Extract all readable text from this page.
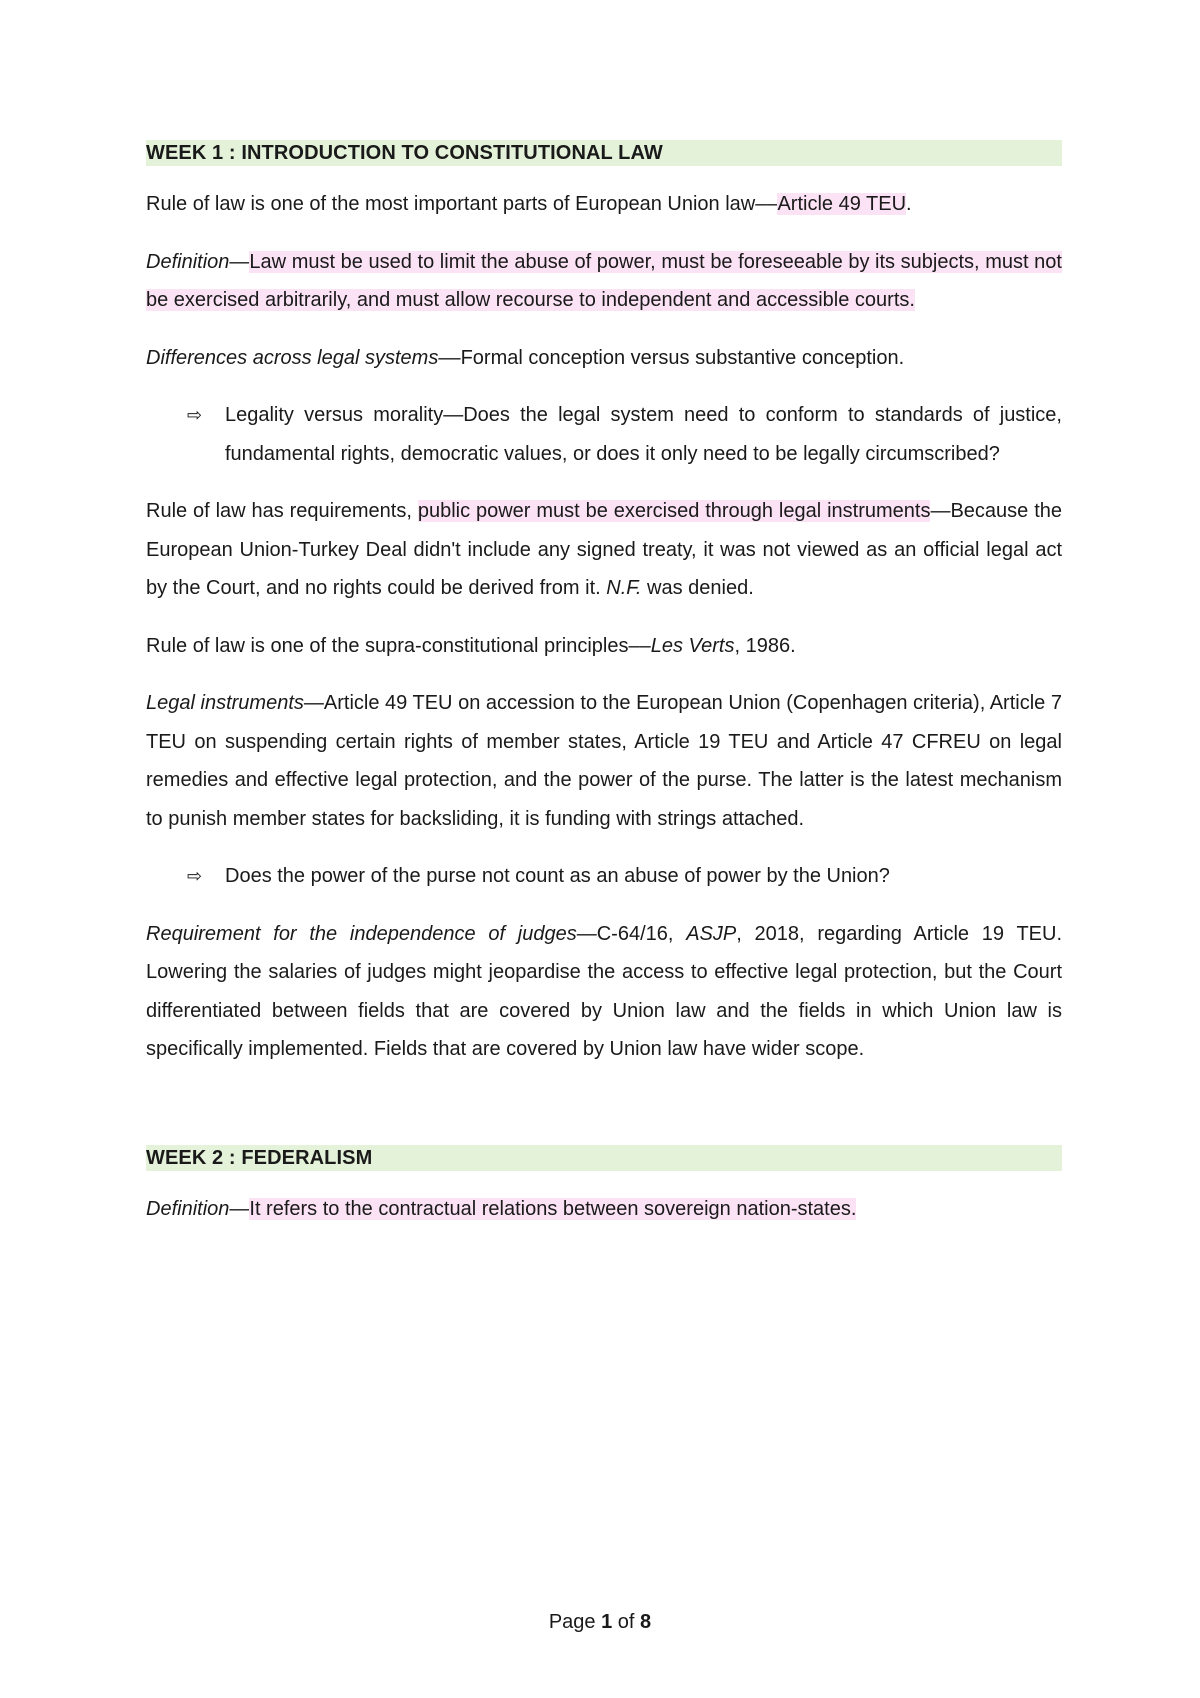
WEEK 1 : INTRODUCTION TO CONSTITUTIONAL LAW

Rule of law is one of the most important parts of European Union law––Article 49 TEU.

Definition—Law must be used to limit the abuse of power, must be foreseeable by its subjects, must not be exercised arbitrarily, and must allow recourse to independent and accessible courts.

Differences across legal systems––Formal conception versus substantive conception.

⇨ Legality versus morality—Does the legal system need to conform to standards of justice, fundamental rights, democratic values, or does it only need to be legally circumscribed?

Rule of law has requirements, public power must be exercised through legal instruments—Because the European Union-Turkey Deal didn't include any signed treaty, it was not viewed as an official legal act by the Court, and no rights could be derived from it. N.F. was denied.

Rule of law is one of the supra-constitutional principles––Les Verts, 1986.

Legal instruments—Article 49 TEU on accession to the European Union (Copenhagen criteria), Article 7 TEU on suspending certain rights of member states, Article 19 TEU and Article 47 CFREU on legal remedies and effective legal protection, and the power of the purse. The latter is the latest mechanism to punish member states for backsliding, it is funding with strings attached.

⇨ Does the power of the purse not count as an abuse of power by the Union?

Requirement for the independence of judges—C-64/16, ASJP, 2018, regarding Article 19 TEU. Lowering the salaries of judges might jeopardise the access to effective legal protection, but the Court differentiated between fields that are covered by Union law and the fields in which Union law is specifically implemented. Fields that are covered by Union law have wider scope.

WEEK 2 : FEDERALISM

Definition—It refers to the contractual relations between sovereign nation-states.

Page 1 of 8
